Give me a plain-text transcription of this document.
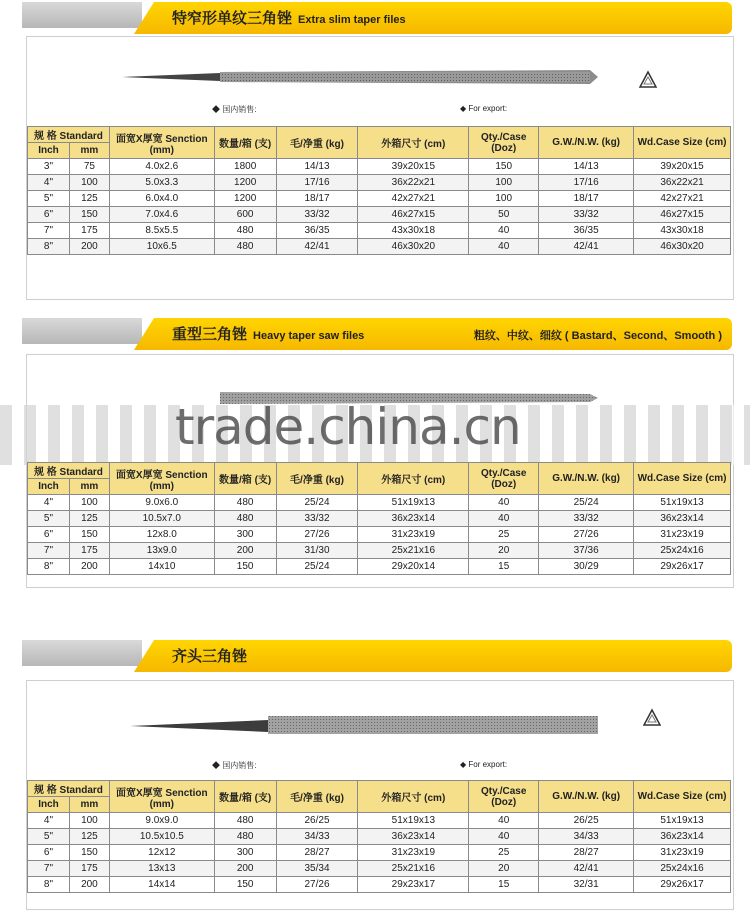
特窄形单纹三角锉 Extra slim taper files
◆ 国内销售:	◆ For export:
规 格 Standard		面宽X厚宽 Senction (mm)	数量/箱 (支)	毛/净重 (kg)	外箱尺寸 (cm)	Qty./Case (Doz)	G.W./N.W. (kg)	Wd.Case Size (cm)
Inch	mm							
3"	75	4.0x2.6	1800	14/13	39x20x15	150	14/13	39x20x15
4"	100	5.0x3.3	1200	17/16	36x22x21	100	17/16	36x22x21
5"	125	6.0x4.0	1200	18/17	42x27x21	100	18/17	42x27x21
6"	150	7.0x4.6	600	33/32	46x27x15	50	33/32	46x27x15
7"	175	8.5x5.5	480	36/35	43x30x18	40	36/35	43x30x18
8"	200	10x6.5	480	42/41	46x30x20	40	42/41	46x30x20
重型三角锉 Heavy taper saw files	粗纹、中纹、细纹 ( Bastard、Second、Smooth )
trade.china.cn
规 格 Standard		面宽X厚宽 Senction (mm)	数量/箱 (支)	毛/净重 (kg)	外箱尺寸 (cm)	Qty./Case (Doz)	G.W./N.W. (kg)	Wd.Case Size (cm)
Inch	mm							
4"	100	9.0x6.0	480	25/24	51x19x13	40	25/24	51x19x13
5"	125	10.5x7.0	480	33/32	36x23x14	40	33/32	36x23x14
6"	150	12x8.0	300	27/26	31x23x19	25	27/26	31x23x19
7"	175	13x9.0	200	31/30	25x21x16	20	37/36	25x24x16
8"	200	14x10	150	25/24	29x20x14	15	30/29	29x26x17
齐头三角锉
◆ 国内销售:	◆ For export:
规 格 Standard		面宽X厚宽 Senction (mm)	数量/箱 (支)	毛/净重 (kg)	外箱尺寸 (cm)	Qty./Case (Doz)	G.W./N.W. (kg)	Wd.Case Size (cm)
Inch	mm							
4"	100	9.0x9.0	480	26/25	51x19x13	40	26/25	51x19x13
5"	125	10.5x10.5	480	34/33	36x23x14	40	34/33	36x23x14
6"	150	12x12	300	28/27	31x23x19	25	28/27	31x23x19
7"	175	13x13	200	35/34	25x21x16	20	42/41	25x24x16
8"	200	14x14	150	27/26	29x23x17	15	32/31	29x26x17
